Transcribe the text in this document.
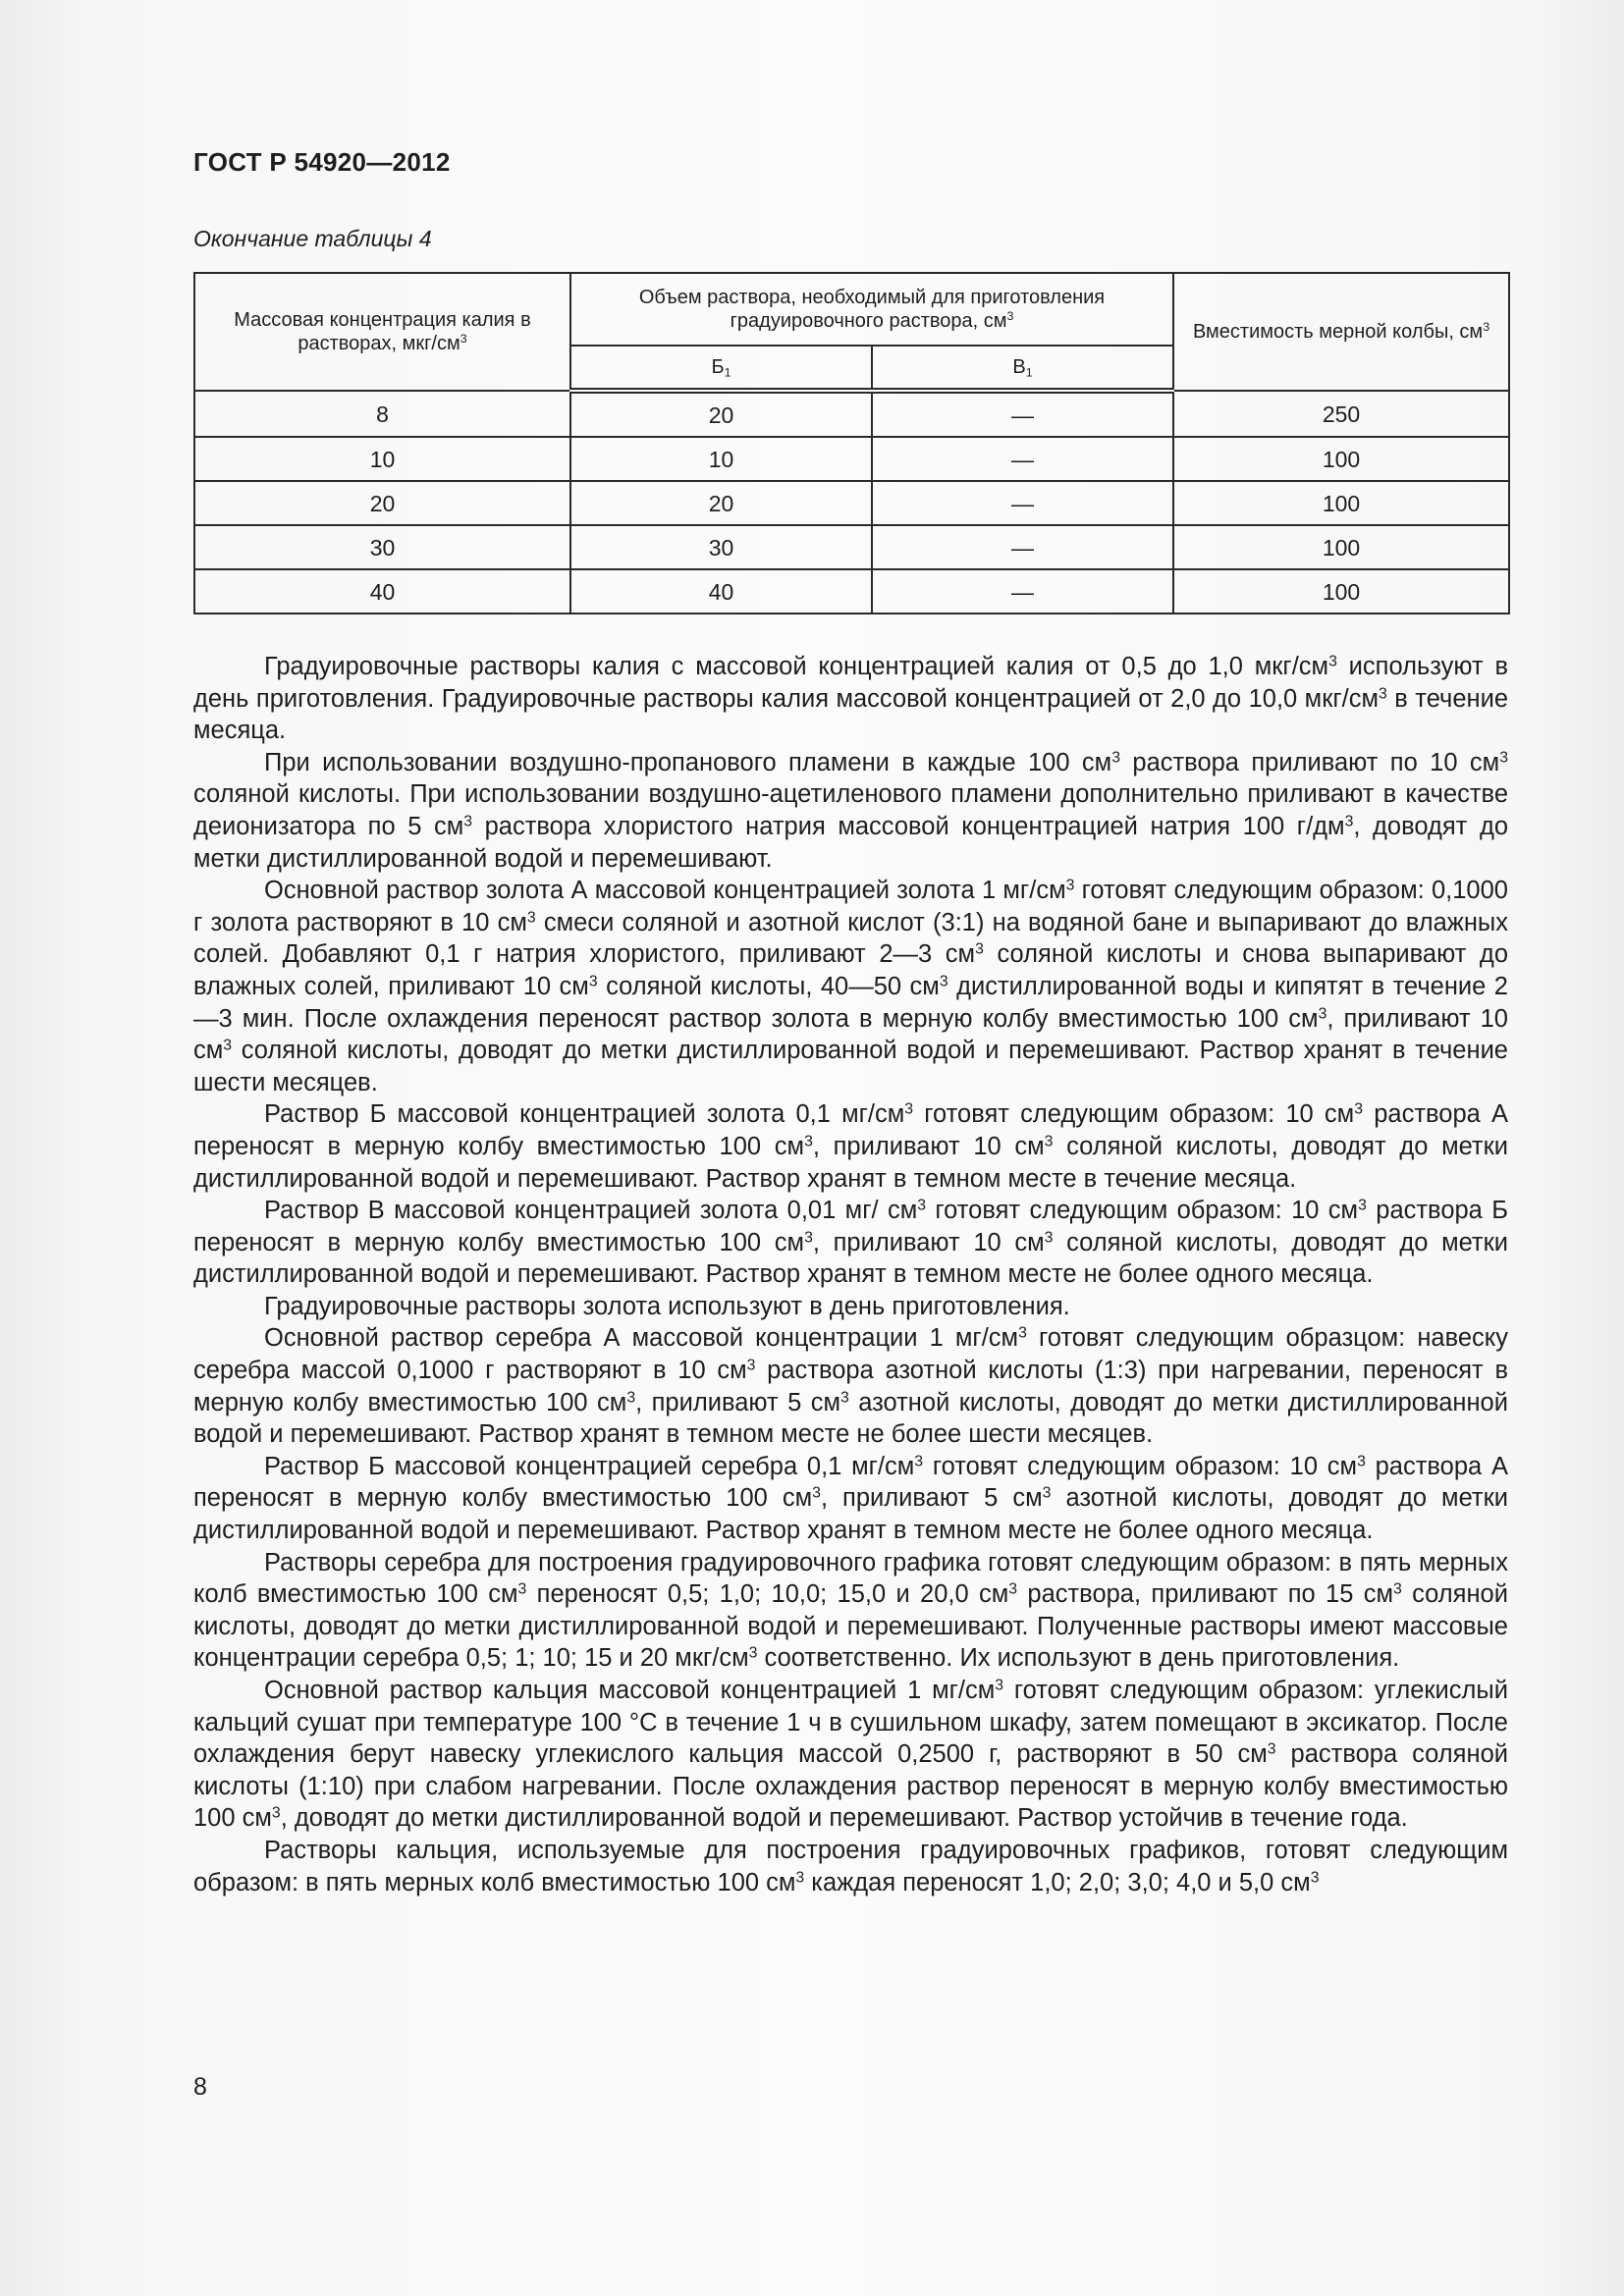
ГОСТ Р 54920—2012
Окончание таблицы 4
Массовая концентрация калия в растворах, мкг/$см^3$	Объем раствора, необходимый для приготовления градуировочного раствора, $см^3$		Вместимость мерной колбы, $см^3$
	$Б_1$	$В_1$
8	20	—	250
10	10	—	100
20	20	—	100
30	30	—	100
40	40	—	100

Градуировочные растворы калия с массовой концентрацией калия от 0,5 до 1,0 мкг/$см^3$ используют в день приготовления. Градуировочные растворы калия массовой концентрацией от 2,0 до 10,0 мкг/$см^3$ в течение месяца.

При использовании воздушно-пропанового пламени в каждые 100 $см^3$ раствора приливают по 10 $см^3$ соляной кислоты. При использовании воздушно-ацетиленового пламени дополнительно приливают в качестве деионизатора по 5 $см^3$ раствора хлористого натрия массовой концентрацией натрия 100 $г/дм^3$, доводят до метки дистиллированной водой и перемешивают.

Основной раствор золота А массовой концентрацией золота 1 $мг/см^3$ готовят следующим образом: 0,1000 г золота растворяют в 10 $см^3$ смеси соляной и азотной кислот (3:1) на водяной бане и выпаривают до влажных солей. Добавляют 0,1 г натрия хлористого, приливают 2—3 $см^3$ соляной кислоты и снова выпаривают до влажных солей, приливают 10 $см^3$ соляной кислоты, 40—50 $см^3$ дистиллированной воды и кипятят в течение 2—3 мин. После охлаждения переносят раствор золота в мерную колбу вместимостью 100 $см^3$, приливают 10 $см^3$ соляной кислоты, доводят до метки дистиллированной водой и перемешивают. Раствор хранят в течение шести месяцев.

Раствор Б массовой концентрацией золота 0,1 $мг/см^3$ готовят следующим образом: 10 $см^3$ раствора А переносят в мерную колбу вместимостью 100 $см^3$, приливают 10 $см^3$ соляной кислоты, доводят до метки дистиллированной водой и перемешивают. Раствор хранят в темном месте в течение месяца.

Раствор В массовой концентрацией золота 0,01 мг/ $см^3$ готовят следующим образом: 10 $см^3$ раствора Б переносят в мерную колбу вместимостью 100 $см^3$, приливают 10 $см^3$ соляной кислоты, доводят до метки дистиллированной водой и перемешивают. Раствор хранят в темном месте не более одного месяца.

Градуировочные растворы золота используют в день приготовления.

Основной раствор серебра А массовой концентрации 1 $мг/см^3$ готовят следующим образцом: навеску серебра массой 0,1000 г растворяют в 10 $см^3$ раствора азотной кислоты (1:3) при нагревании, переносят в мерную колбу вместимостью 100 $см^3$, приливают 5 $см^3$ азотной кислоты, доводят до метки дистиллированной водой и перемешивают. Раствор хранят в темном месте не более шести месяцев.

Раствор Б массовой концентрацией серебра 0,1 $мг/см^3$ готовят следующим образом: 10 $см^3$ раствора А переносят в мерную колбу вместимостью 100 $см^3$, приливают 5 $см^3$ азотной кислоты, доводят до метки дистиллированной водой и перемешивают. Раствор хранят в темном месте не более одного месяца.

Растворы серебра для построения градуировочного графика готовят следующим образом: в пять мерных колб вместимостью 100 $см^3$ переносят 0,5; 1,0; 10,0; 15,0 и 20,0 $см^3$ раствора, приливают по 15 $см^3$ соляной кислоты, доводят до метки дистиллированной водой и перемешивают. Полученные растворы имеют массовые концентрации серебра 0,5; 1; 10; 15 и 20 мкг/$см^3$ соответственно. Их используют в день приготовления.

Основной раствор кальция массовой концентрацией 1 $мг/см^3$ готовят следующим образом: углекислый кальций сушат при температуре 100 °С в течение 1 ч в сушильном шкафу, затем помещают в эксикатор. После охлаждения берут навеску углекислого кальция массой 0,2500 г, растворяют в 50 $см^3$ раствора соляной кислоты (1:10) при слабом нагревании. После охлаждения раствор переносят в мерную колбу вместимостью 100 $см^3$, доводят до метки дистиллированной водой и перемешивают. Раствор устойчив в течение года.

Растворы кальция, используемые для построения градуировочных графиков, готовят следующим образом: в пять мерных колб вместимостью 100 $см^3$ каждая переносят 1,0; 2,0; 3,0; 4,0 и 5,0 $см^3$

8
